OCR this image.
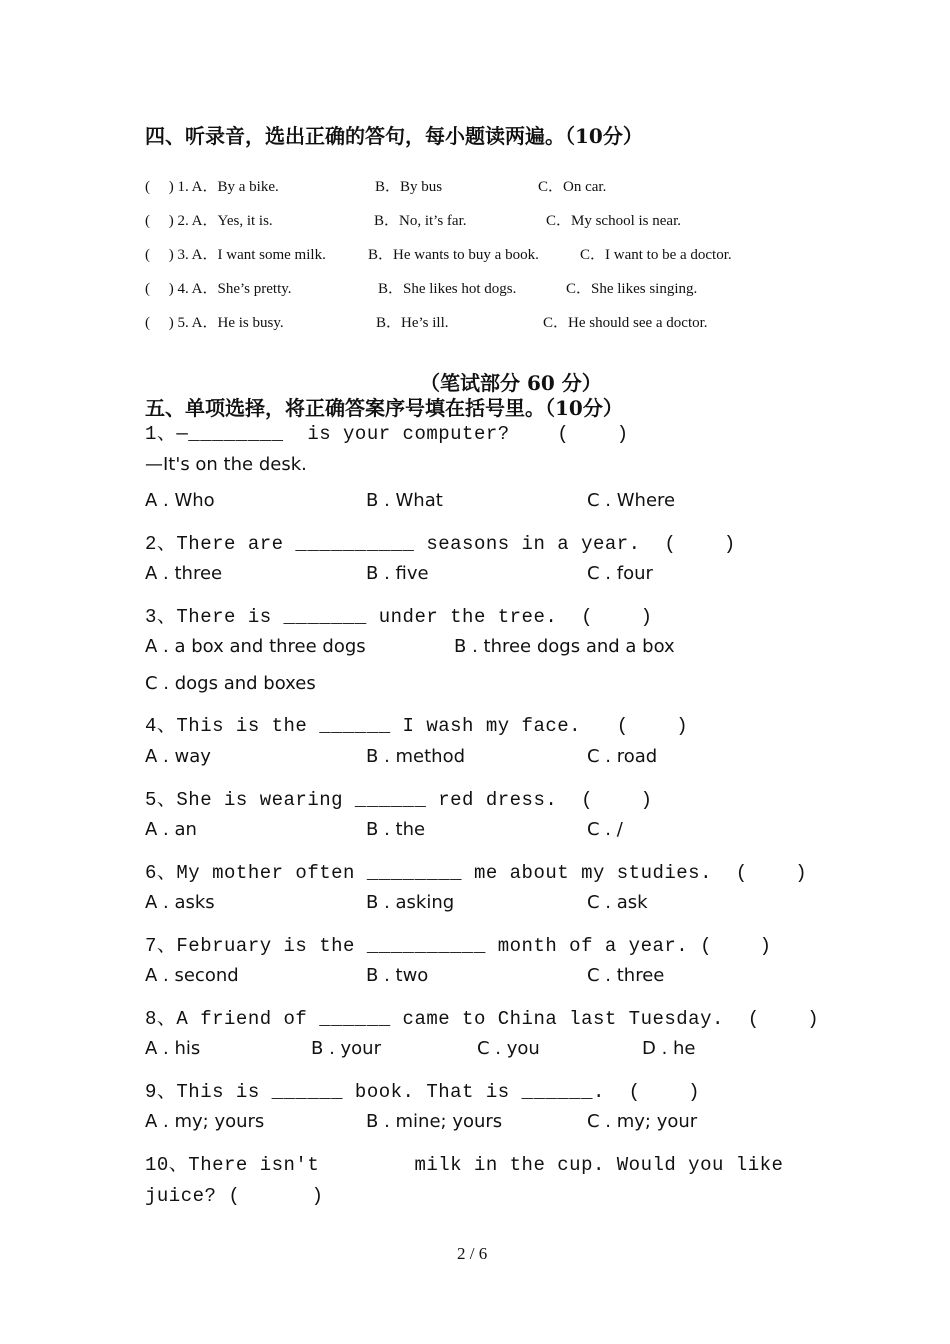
四、听录音，选出正确的答句，每小题读两遍。（10分）
(　 ) 1. A．By a bike.	B．By bus	C．On car.
(　 ) 2. A．Yes, it is.	B．No, it’s far.	C．My school is near.
(　 ) 3. A．I want some milk.	B．He wants to buy a book.	C．I want to be a doctor.
(　 ) 4. A．She’s pretty.	B．She likes hot dogs.	C．She likes singing.
(　 ) 5. A．He is busy.	B．He’s ill.	C．He should see a doctor.
（笔试部分 60 分）
五、单项选择，将正确答案序号填在括号里。（10分）
1、—________  is your computer?    (    )
—It's on the desk.
A . Who	B . What	C . Where
2、There are __________ seasons in a year.  (    )
A . three	B . five	C . four
3、There is _______ under the tree.  (    )
A . a box and three dogs	B . three dogs and a box
C . dogs and boxes
4、This is the ______ I wash my face.   (    )
A . way	B . method	C . road
5、She is wearing ______ red dress.  (    )
A . an	B . the	C . /
6、My mother often ________ me about my studies.  (    )
A . asks	B . asking	C . ask
7、February is the __________ month of a year. (    )
A . second	B . two	C . three
8、A friend of ______ came to China last Tuesday.  (    )
A . his	B . your	C . you	D . he
9、This is ______ book. That is ______.  (    )
A . my; yours	B . mine; yours	C . my; your
10、There isn't        milk in the cup. Would you like
juice? (      )
2 / 6
